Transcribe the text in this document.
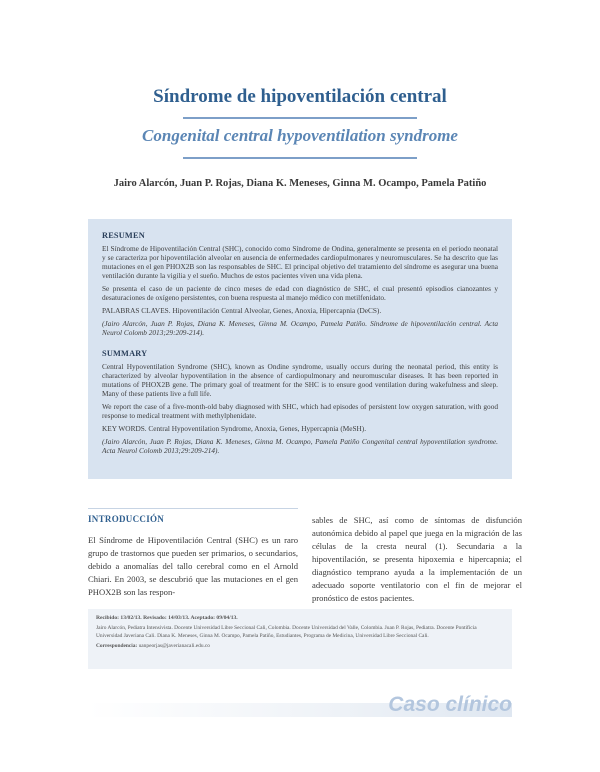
Síndrome de hipoventilación central
Congenital central hypoventilation syndrome
Jairo Alarcón, Juan P. Rojas, Diana K. Meneses, Ginna M. Ocampo, Pamela Patiño
RESUMEN

El Síndrome de Hipoventilación Central (SHC), conocido como Síndrome de Ondina, generalmente se presenta en el periodo neonatal y se caracteriza por hipoventilación alveolar en ausencia de enfermedades cardiopulmonares y neuromusculares. Se ha descrito que las mutaciones en el gen PHOX2B son las responsables de SHC. El principal objetivo del tratamiento del síndrome es asegurar una buena ventilación durante la vigilia y el sueño. Muchos de estos pacientes viven una vida plena.

Se presenta el caso de un paciente de cinco meses de edad con diagnóstico de SHC, el cual presentó episodios cianozantes y desaturaciones de oxígeno persistentes, con buena respuesta al manejo médico con metilfenidato.

PALABRAS CLAVES. Hipoventilación Central Alveolar, Genes, Anoxia, Hipercapnia (DeCS).

(Jairo Alarcón, Juan P. Rojas, Diana K. Meneses, Ginna M. Ocampo, Pamela Patiño. Síndrome de hipoventilación central. Acta Neurol Colomb 2013;29:209-214).

SUMMARY

Central Hypoventilation Syndrome (SHC), known as Ondine syndrome, usually occurs during the neonatal period, this entity is characterized by alveolar hypoventilation in the absence of cardiopulmonary and neuromuscular diseases. It has been reported in mutations of PHOX2B gene. The primary goal of treatment for the SHC is to ensure good ventilation during wakefulness and sleep. Many of these patients live a full life.

We report the case of a five-month-old baby diagnosed with SHC, which had episodes of persistent low oxygen saturation, with good response to medical treatment with methylphenidate.

KEY WORDS. Central Hypoventilation Syndrome, Anoxia, Genes, Hypercapnia (MeSH).

(Jairo Alarcón, Juan P. Rojas, Diana K. Meneses, Ginna M. Ocampo, Pamela Patiño Congenital central hypoventilation syndrome. Acta Neurol Colomb 2013;29:209-214).

INTRODUCCIÓN

El Síndrome de Hipoventilación Central (SHC) es un raro grupo de trastornos que pueden ser primarios, o secundarios, debido a anomalías del tallo cerebral como en el Arnold Chiari. En 2003, se descubrió que las mutaciones en el gen PHOX2B son las respon-

sables de SHC, así como de síntomas de disfunción autonómica debido al papel que juega en la migración de las células de la cresta neural (1). Secundaria a la hipoventilación, se presenta hipoxemia e hipercapnia; el diagnóstico temprano ayuda a la implementación de un adecuado soporte ventilatorio con el fin de mejorar el pronóstico de estos pacientes.

Recibido: 13/02/13. Revisado: 14/03/13. Aceptado: 09/04/13.
Jairo Alarcón, Pediatra Intensivista. Docente Universidad Libre Seccional Cali, Colombia. Docente Universidad del Valle, Colombia. Juan P. Rojas, Pediatra. Docente Pontificia Universidad Javeriana Cali. Diana K. Meneses, Ginna M. Ocampo, Pamela Patiño, Estudiantes, Programa de Medicina, Universidad Libre Seccional Cali.
Correspondencia: uanpeorjas@javerianacali.edu.co
Caso clínico
